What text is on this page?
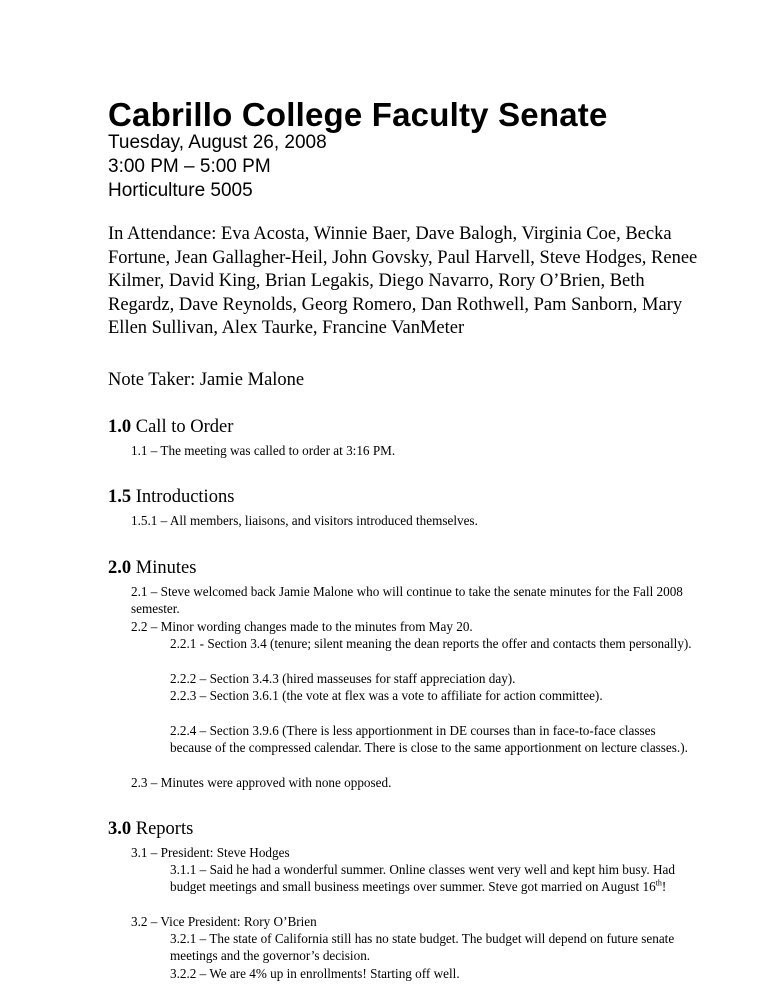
Cabrillo College Faculty Senate

Tuesday, August 26, 2008

3:00 PM – 5:00 PM

Horticulture 5005

In Attendance: Eva Acosta, Winnie Baer, Dave Balogh, Virginia Coe, Becka Fortune, Jean Gallagher-Heil, John Govsky, Paul Harvell, Steve Hodges, Renee Kilmer, David King, Brian Legakis, Diego Navarro, Rory O’Brien, Beth Regardz, Dave Reynolds, Georg Romero, Dan Rothwell, Pam Sanborn, Mary Ellen Sullivan, Alex Taurke, Francine VanMeter

Note Taker: Jamie Malone

1.0 Call to Order

1.1 – The meeting was called to order at 3:16 PM.

1.5 Introductions

1.5.1 – All members, liaisons, and visitors introduced themselves.

2.0 Minutes

2.1 – Steve welcomed back Jamie Malone who will continue to take the senate minutes for the Fall 2008 semester.

2.2 – Minor wording changes made to the minutes from May 20.

2.2.1 - Section 3.4 (tenure; silent meaning the dean reports the offer and contacts them personally).

2.2.2 – Section 3.4.3 (hired masseuses for staff appreciation day).

2.2.3 – Section 3.6.1 (the vote at flex was a vote to affiliate for action committee).

2.2.4 – Section 3.9.6 (There is less apportionment in DE courses than in face-to-face classes because of the compressed calendar. There is close to the same apportionment on lecture classes.).

2.3 – Minutes were approved with none opposed.

3.0 Reports

3.1 – President: Steve Hodges

3.1.1 – Said he had a wonderful summer. Online classes went very well and kept him busy. Had budget meetings and small business meetings over summer. Steve got married on August 16th!

3.2 – Vice President: Rory O’Brien

3.2.1 – The state of California still has no state budget. The budget will depend on future senate meetings and the governor’s decision.

3.2.2 – We are 4% up in enrollments! Starting off well.
